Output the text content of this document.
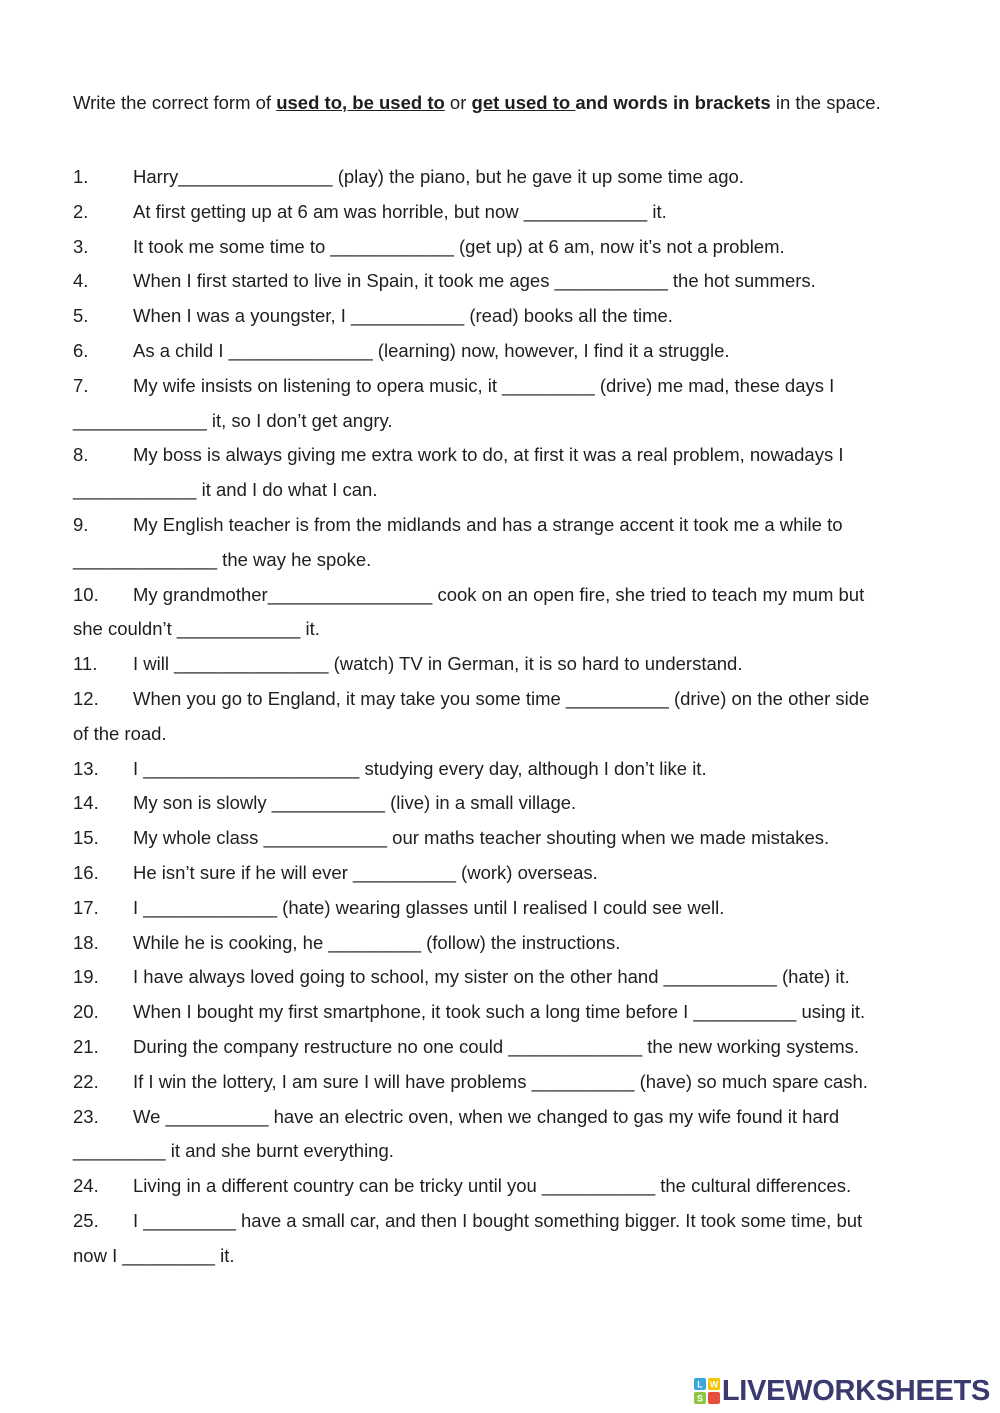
Write the correct form of used to, be used to or get used to and words in brackets in the space.

1. Harry_______________ (play) the piano, but he gave it up some time ago.
2. At first getting up at 6 am was horrible, but now ____________ it.
3. It took me some time to ____________ (get up) at 6 am, now it’s not a problem.
4. When I first started to live in Spain, it took me ages ___________ the hot summers.
5. When I was a youngster, I ___________ (read) books all the time.
6. As a child I ______________ (learning) now, however, I find it a struggle.
7. My wife insists on listening to opera music, it _________ (drive) me mad, these days I
_____________ it, so I don’t get angry.
8. My boss is always giving me extra work to do, at first it was a real problem, nowadays I
____________ it and I do what I can.
9. My English teacher is from the midlands and has a strange accent it took me a while to
______________ the way he spoke.
10. My grandmother________________ cook on an open fire, she tried to teach my mum but
she couldn’t ____________ it.
11. I will _______________ (watch) TV in German, it is so hard to understand.
12. When you go to England, it may take you some time __________ (drive) on the other side
of the road.
13. I _____________________ studying every day, although I don’t like it.
14. My son is slowly ___________ (live) in a small village.
15. My whole class ____________ our maths teacher shouting when we made mistakes.
16. He isn’t sure if he will ever __________ (work) overseas.
17. I _____________ (hate) wearing glasses until I realised I could see well.
18. While he is cooking, he _________ (follow) the instructions.
19. I have always loved going to school, my sister on the other hand ___________ (hate) it.
20. When I bought my first smartphone, it took such a long time before I __________ using it.
21. During the company restructure no one could _____________ the new working systems.
22. If I win the lottery, I am sure I will have problems __________ (have) so much spare cash.
23. We __________ have an electric oven, when we changed to gas my wife found it hard
_________ it and she burnt everything.
24. Living in a different country can be tricky until you ___________ the cultural differences.
25. I _________ have a small car, and then I bought something bigger. It took some time, but
now I _________ it.
L W
S LIVEWORKSHEETS
